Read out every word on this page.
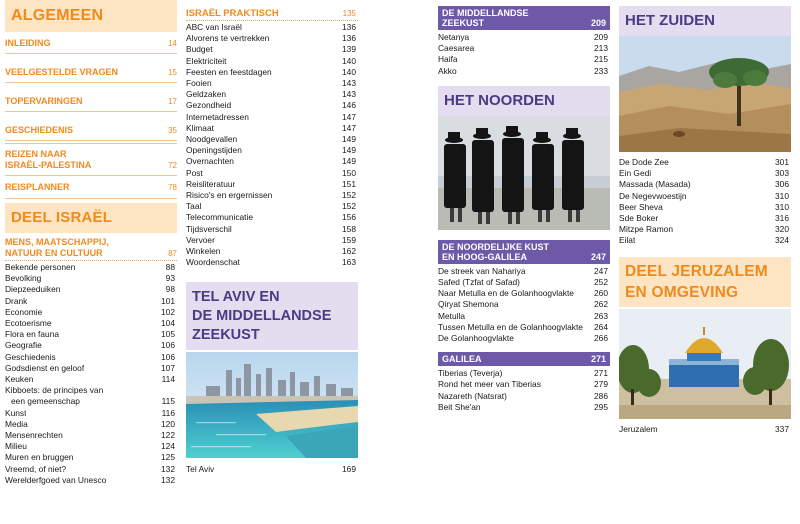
ALGEMEEN
INLEIDING	14
VEELGESTELDE VRAGEN	15
TOPERVARINGEN	17
GESCHIEDENIS	35
REIZEN NAAR
ISRAËL-PALESTINA	72
REISPLANNER	78
DEEL ISRAËL
MENS, MAATSCHAPPIJ,
NATUUR EN CULTUUR	87
Bekende personen	88
Bevolking	93
Diepzeeduiken	98
Drank	101
Economie	102
Ecotoerisme	104
Flora en fauna	105
Geografie	106
Geschiedenis	106
Godsdienst en geloof	107
Keuken	114
Kibboets: de principes van
een gemeenschap	115
Kunst	116
Media	120
Mensenrechten	122
Milieu	124
Muren en bruggen	125
Vreemd, of niet?	132
Werelderfgoed van Unesco	132
ISRAËL PRAKTISCH	135
ABC van Israël	136
Alvorens te vertrekken	136
Budget	139
Elektriciteit	140
Feesten en feestdagen	140
Fooien	143
Geldzaken	143
Gezondheid	146
Internetadressen	147
Klimaat	147
Noodgevallen	149
Openingstijden	149
Overnachten	149
Post	150
Reisliteratuur	151
Risico's en ergernissen	152
Taal	152
Telecommunicatie	156
Tijdsverschil	158
Vervoer	159
Winkelen	162
Woordenschat	163
TEL AVIV EN
DE MIDDELLANDSE
ZEEKUST
Tel Aviv	169
DE MIDDELLANDSE
ZEEKUST	209
Netanya	209
Caesarea	213
Haifa	215
Akko	233
HET NOORDEN
DE NOORDELIJKE KUST
EN HOOG-GALILEA	247
De streek van Nahariya	247
Safed (Tzfat of Safad)	252
Naar Metulla en de Golanhoogvlakte 260
Qiryat Shemona	262
Metulla	263
Tussen Metulla en de Golanhoogvlakte 264
De Golanhoogvlakte	266
GALILEA	271
Tiberias (Teverja)	271
Rond het meer van Tiberias	279
Nazareth (Natsrat)	286
Beit She'an	295
HET ZUIDEN
De Dode Zee	301
Ein Gedi	303
Massada (Masada)	306
De Negevwoestijn	310
Beer Sheva	310
Sde Boker	316
Mitzpe Ramon	320
Eilat	324
DEEL JERUZALEM
EN OMGEVING
Jeruzalem	337
